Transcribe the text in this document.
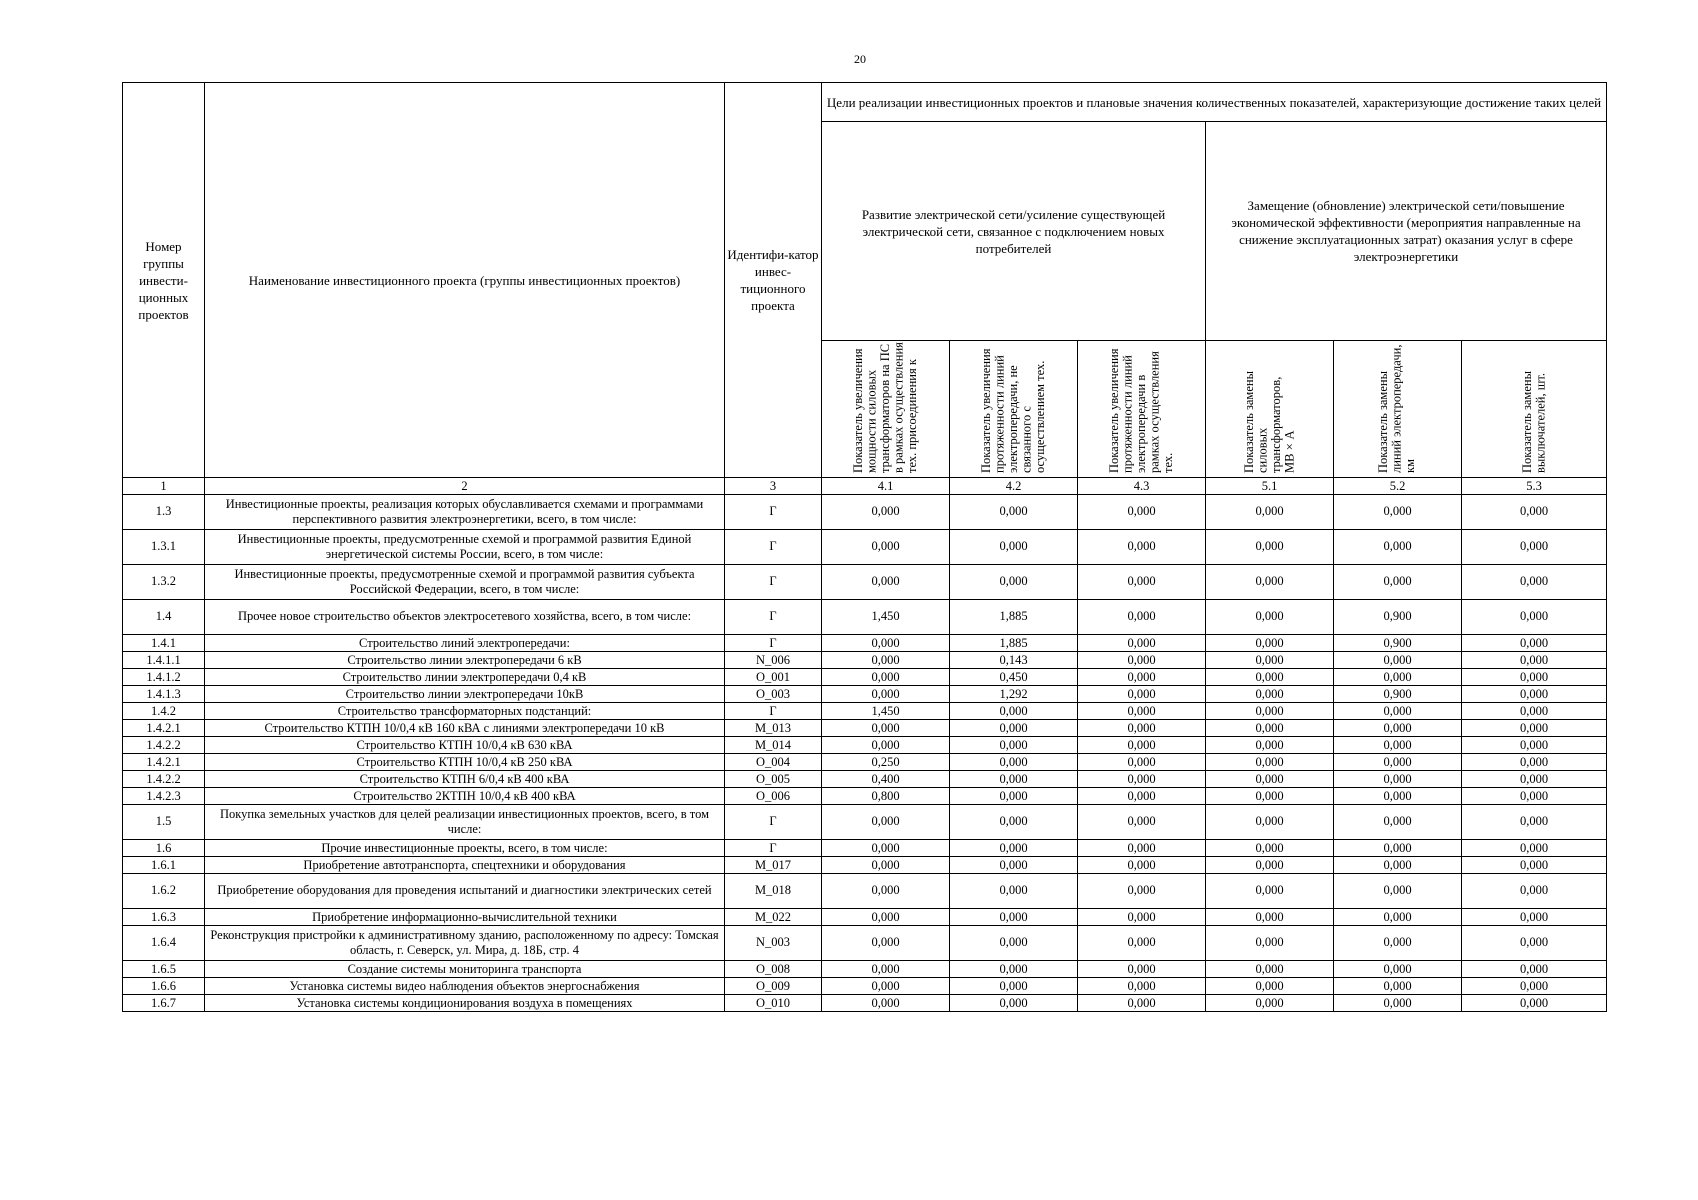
20
Номер группы инвести-ционных проектов	Наименование инвестиционного проекта (группы инвестиционных проектов)	Идентифи-катор инвес-тиционного проекта	Цели реализации инвестиционных проектов и плановые значения количественных показателей, характеризующие достижение таких целей					
			Развитие электрической сети/усиление существующей электрической сети, связанное с подключением новых потребителей			Замещение (обновление) электрической сети/повышение экономической эффективности (мероприятия направленные на снижение эксплуатационных затрат) оказания услуг в сфере электроэнергетики		
			Показатель увеличения мощности силовых трансформаторов на ПС в рамках осуществления тех. присоединения к	Показатель увеличения протяженности линий электропередачи, не связанного с осуществлением тех.	Показатель увеличения протяженности линий электропередачи в рамках осуществления тех.	Показатель замены силовых трансформаторов, МВ×А	Показатель замены линий электропередачи, км	Показатель замены выключателей, шт.
1	2	3	4.1	4.2	4.3	5.1	5.2	5.3
1.3	Инвестиционные проекты, реализация которых обуславливается схемами и программами перспективного развития электроэнергетики, всего, в том числе:	Г	0,000	0,000	0,000	0,000	0,000	0,000
1.3.1	Инвестиционные проекты, предусмотренные схемой и программой развития Единой энергетической системы России, всего, в том числе:	Г	0,000	0,000	0,000	0,000	0,000	0,000
1.3.2	Инвестиционные проекты, предусмотренные схемой и программой развития субъекта Российской Федерации, всего, в том числе:	Г	0,000	0,000	0,000	0,000	0,000	0,000
1.4	Прочее новое строительство объектов электросетевого хозяйства, всего, в том числе:	Г	1,450	1,885	0,000	0,000	0,900	0,000
1.4.1	Строительство линий электропередачи:	Г	0,000	1,885	0,000	0,000	0,900	0,000
1.4.1.1	Строительство линии электропередачи 6 кВ	N_006	0,000	0,143	0,000	0,000	0,000	0,000
1.4.1.2	Строительство линии электропередачи 0,4 кВ	O_001	0,000	0,450	0,000	0,000	0,000	0,000
1.4.1.3	Строительство линии электроперeдачи 10кВ	O_003	0,000	1,292	0,000	0,000	0,900	0,000
1.4.2	Строительство трансформаторных подстанций:	Г	1,450	0,000	0,000	0,000	0,000	0,000
1.4.2.1	Строительство КТПН 10/0,4 кВ 160 кВА с линиями электропередачи 10 кВ	M_013	0,000	0,000	0,000	0,000	0,000	0,000
1.4.2.2	Строительство КТПН 10/0,4 кВ 630 кВА	M_014	0,000	0,000	0,000	0,000	0,000	0,000
1.4.2.1	Строительство КТПН 10/0,4 кВ 250 кВА	O_004	0,250	0,000	0,000	0,000	0,000	0,000
1.4.2.2	Строительство КТПН 6/0,4 кВ 400 кВА	O_005	0,400	0,000	0,000	0,000	0,000	0,000
1.4.2.3	Строительство 2КТПН 10/0,4 кВ 400 кВА	O_006	0,800	0,000	0,000	0,000	0,000	0,000
1.5	Покупка земельных участков для целей реализации инвестиционных проектов, всего, в том числе:	Г	0,000	0,000	0,000	0,000	0,000	0,000
1.6	Прочие инвестиционные проекты, всего, в том числе:	Г	0,000	0,000	0,000	0,000	0,000	0,000
1.6.1	Приобретение автотранспорта, спецтехники и оборудования	M_017	0,000	0,000	0,000	0,000	0,000	0,000
1.6.2	Приобретение оборудования для проведения испытаний и диагностики электрических сетей	M_018	0,000	0,000	0,000	0,000	0,000	0,000
1.6.3	Приобретение информационно-вычислительной техники	M_022	0,000	0,000	0,000	0,000	0,000	0,000
1.6.4	Реконструкция пристройки к административному зданию, расположенному по адресу: Томская область, г. Северск, ул. Мира, д. 18Б, стр. 4	N_003	0,000	0,000	0,000	0,000	0,000	0,000
1.6.5	Создание системы мониторинга транспорта	O_008	0,000	0,000	0,000	0,000	0,000	0,000
1.6.6	Установка системы видео наблюдения объектов энергоснабжения	O_009	0,000	0,000	0,000	0,000	0,000	0,000
1.6.7	Установка системы кондиционирования воздуха в помещениях	O_010	0,000	0,000	0,000	0,000	0,000	0,000
